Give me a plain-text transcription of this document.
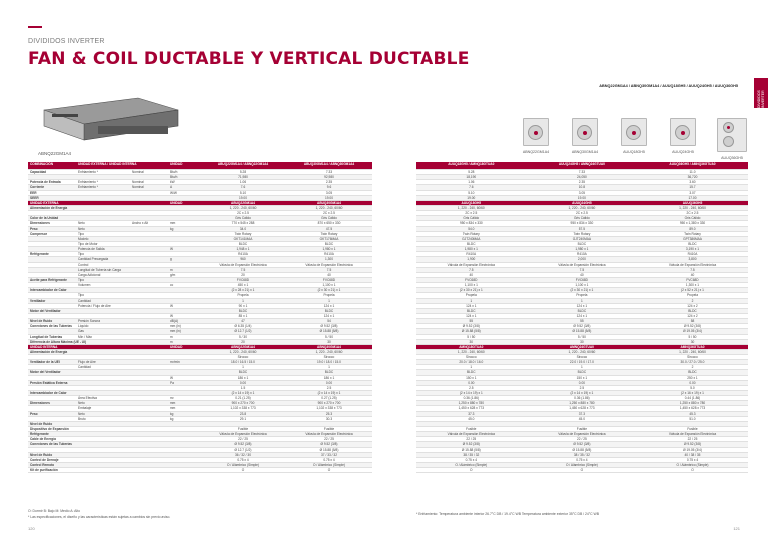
DIVIDIDOS INVERTER
FAN & COIL DUCTABLE Y VERTICAL DUCTABLE
DIVIDIDOS INVERTER
ABNQ22GM1A4 / ABNQ30GM1A4 / AUUQ18GH5 / AUUQ24GH5 / AUUQ36GH5
ABNQ22GM1A4	ABNQ22GM1A4	ABNQ30GM1A4	AUUQ18GH5	AUUQ24GH5
AUUQ36GH5
COMBINACIÓN	UNIDAD EXTERNA / UNIDAD INTERNA	UNIDAD	ABUQ22GM1A4 / ABNQ22GM1A4	ABUQ30GM1A4 / ABNQ30GM1A4
Capacidad	Enfriamiento *	Nominal	Btu/h	5.28	7.33
Btu/h	71,980	92,980
Potencia de Entrada	Enfriamiento *	Nominal	kW	1.06	2.35
Corriente	Enfriamiento *	Nominal	A	7.6	9.6
EER	W/W	5.10	3.05
SEER	19.00	19.00
UNIDAD EXTERNA	UNIDAD	ABUQ22GM1A4	ABUQ30GM1A4
Alimentación de Energía	1, 220 - 240, 60/60	1, 220 - 240, 60/60
2C x 2.5	2C x 2.5
Color de la Unidad	Gris Cálido	Gris Cálido
Dimensiones	Neto	Ancho x Alt	mm	770 x 545 x 288	870 x 650 x 330
Peso	Neto	kg	34.0	47.5
Compresor	Tipo	Twin Rotary	Twin Rotary
Modelo	GKT141MAA	GKT176MAA
Tipo de Motor	BLDC	BLDC
Potencia de Salida	W	1,948 x 1	1,980 x 1
Refrigerante	Tipo	R410A	R410A
Cantidad Precargada	g	960	1,300
Control	Válvula de Expansión Electrónica	Válvula de Expansión Electrónica
Longitud de Tubería sin Carga	m	7.5	7.5
Carga Adicional	g/m	20	40
Aceite para Refrigerante	Tipo	FVC68D	FVC68D
Volumen	cc	450 x 1	1,100 x 1
Intercambiador de Calor	(2 x 28 x 21) x 1	(2 x 30 x 21) x 1
Tipo	Propela	Propela
Ventilador	Cantidad	1	1
Potencia / Flujo de Aire	W	90 x 1	124 x 1
Motor del Ventilador	BLDC	BLDC
W	85 x 1	124 x 1
Nivel de Ruido	Presión Sonora	dB(A)	47	54
Conexiones de las Tuberías	Líquido	mm (in)	Ø 6.35 (1/4)	Ø 9.52 (3/8)
Gas	mm (in)	Ø 12.7 (1/2)	Ø 15.88 (5/8)
Longitud de Tuberías	Mín / Máx	m	5 / 30	5 / 50
Diferencia de Altura Máxima (UE - UI)	m	20	30
UNIDAD INTERNA	UNIDAD	ABNQ22GM1A4	ABNQ30GM1A4
Alimentación de Energía	1, 220 - 240, 60/60	1, 220 - 240, 60/60
Sirocco	Sirocco
Ventilador de la UEI	Flujo de Aire	m³/min	18.0 / 16.5 / 15.0	19.0 / 18.0 / 15.0
Cantidad	1	1
Motor del Ventilador	BLDC	BLDC
W	186 x 1	186 x 1
Presión Estática Externa	Pa	0.00	0.00
1.5	2.5
Intercambiador de Calor	(2 x 14 x 19) x 1	(2 x 14 x 19) x 1
Área Efectiva	m²	0.21 (1.25)	0.27 (1.25)
Dimensiones	Neto	mm	900 x 270 x 700	900 x 270 x 700
Embalaje	mm	1,102 x 338 x 773	1,102 x 338 x 773
Peso	Neto	kg	23.8	25.3
Bruto	kg	29.1	30.3
Nivel de Ruido
Dispositivo de Expansión	Fusible	Fusible
Refrigerante	Válvula de Expansión Electrónica	Válvula de Expansión Electrónica
Cable de Energía	22 / 25	22 / 25
Conexiones de las Tuberías	Ø 9.52 (3/8)	Ø 9.52 (3/8)
Ø 12.7 (1/2)	Ø 15.88 (5/8)
Nivel de Ruido	36 / 32 / 30	37 / 33 / 32
Control de Drenaje	0.75 x 4	0.75 x 4
Control Remoto	O / Alámbrico (Simple)	O / Alámbrico (Simple)
Kit de purificación	O	O
AUUQ18GH5 / AMNQ18GTUA0	AUUQ24GH5 / AMNQ24GTUA0	AUUQ36GH5 / AMNQ36GTUA0
5.28	7.33	11.0
18,190	24,050	36,720
1.06	2.35	3.60
7.6	10.8	15.7
5.10	3.05	3.07
19.00	19.00	17.00
AUUQ18GH5	AUUQ24GH5	AUUQ36GH5
1, 220 - 240, 60/60	1, 220 - 240, 60/60	1, 220 - 240, 60/60
2C x 2.5	2C x 2.5	2C x 2.5
Gris Cálido	Gris Cálido	Gris Cálido
950 x 834 x 330	950 x 834 x 330	950 x 1,380 x 330
54.0	57.5	89.0
Twin Rotary	Twin Rotary	Twin Rotary
GJT240MAA	GJT240MAA	GPT386MAA
BLDC	BLDC	BLDC
1,980 x 1	1,980 x 1	3,190 x 1
R410A	R410A	R410A
1,900	2,000	3,800
Válvula de Expansión Electrónica	Válvula de Expansión Electrónica	Válvula de Expansión Electrónica
7.5	7.5	7.5
40	40	40
FVC68D	FVC68D	FVC68D
1,100 x 1	1,100 x 1	1,300 x 1
(2 x 30 x 21) x 1	(2 x 30 x 21) x 1	(2 x 52 x 21) x 1
Propela	Propela	Propela
1	1	2
124 x 1	124 x 1	124 x 2
BLDC	BLDC	BLDC
124 x 1	124 x 1	124 x 2
55	55	58
Ø 9.52 (3/8)	Ø 9.52 (3/8)	Ø 9.52 (3/8)
Ø 15.88 (5/8)	Ø 15.88 (5/8)	Ø 19.05 (3/4)
5 / 50	5 / 50	5 / 50
30	30	30
AMNQ18GTUA0	AMNQ24GTUA0	AMNQ36GTUA0
1, 220 - 240, 60/60	1, 220 - 240, 60/60	1, 220 - 240, 60/60
Sirocco	Sirocco	Sirocco
20.0 / 18.0 / 16.0	22.0 / 19.0 / 17.0	30.0 / 27.0 / 25.0
1	1	2
BLDC	BLDC	BLDC
150 x 1	150 x 1	250 x 1
0.00	0.00	0.00
2.5	2.5	5.0
(2 x 14 x 19) x 1	(2 x 14 x 19) x 1	(2 x 16 x 19) x 1
0.36 (1.86)	0.36 (1.86)	0.44 (1.86)
1,250 x 880 x 780	1,250 x 880 x 780	1,250 x 880 x 780
1,450 x 628 x 773	1,450 x 628 x 773	1,450 x 628 x 773
37.3	37.3	45.3
45.0	45.0	51.0
Fusible	Fusible	Fusible
Válvula de Expansión Electrónica	Válvula de Expansión Electrónica	Válvula de Expansión Electrónica
22 / 25	22 / 25	22 / 25
Ø 9.52 (3/8)	Ø 9.52 (3/8)	Ø 9.52 (3/8)
Ø 15.88 (5/8)	Ø 15.88 (5/8)	Ø 19.05 (3/4)
38 / 35 / 32	38 / 35 / 32	40 / 38 / 35
0.75 x 4	0.75 x 4	0.75 x 4
O / Alámbrico (Simple)	O / Alámbrico (Simple)	O / Alámbrico (Simple)
O	O	O
O: Dormir B: Bajo M: Medio A: Alto
* Las especificaciones, el diseño y las características están sujetas a cambios sin previo aviso.
* Enfriamiento: Temperatura ambiente interior 26.7°C DB / 19.4°C WB Temperatura ambiente exterior 35°C DB / 24°C WB
120	121
